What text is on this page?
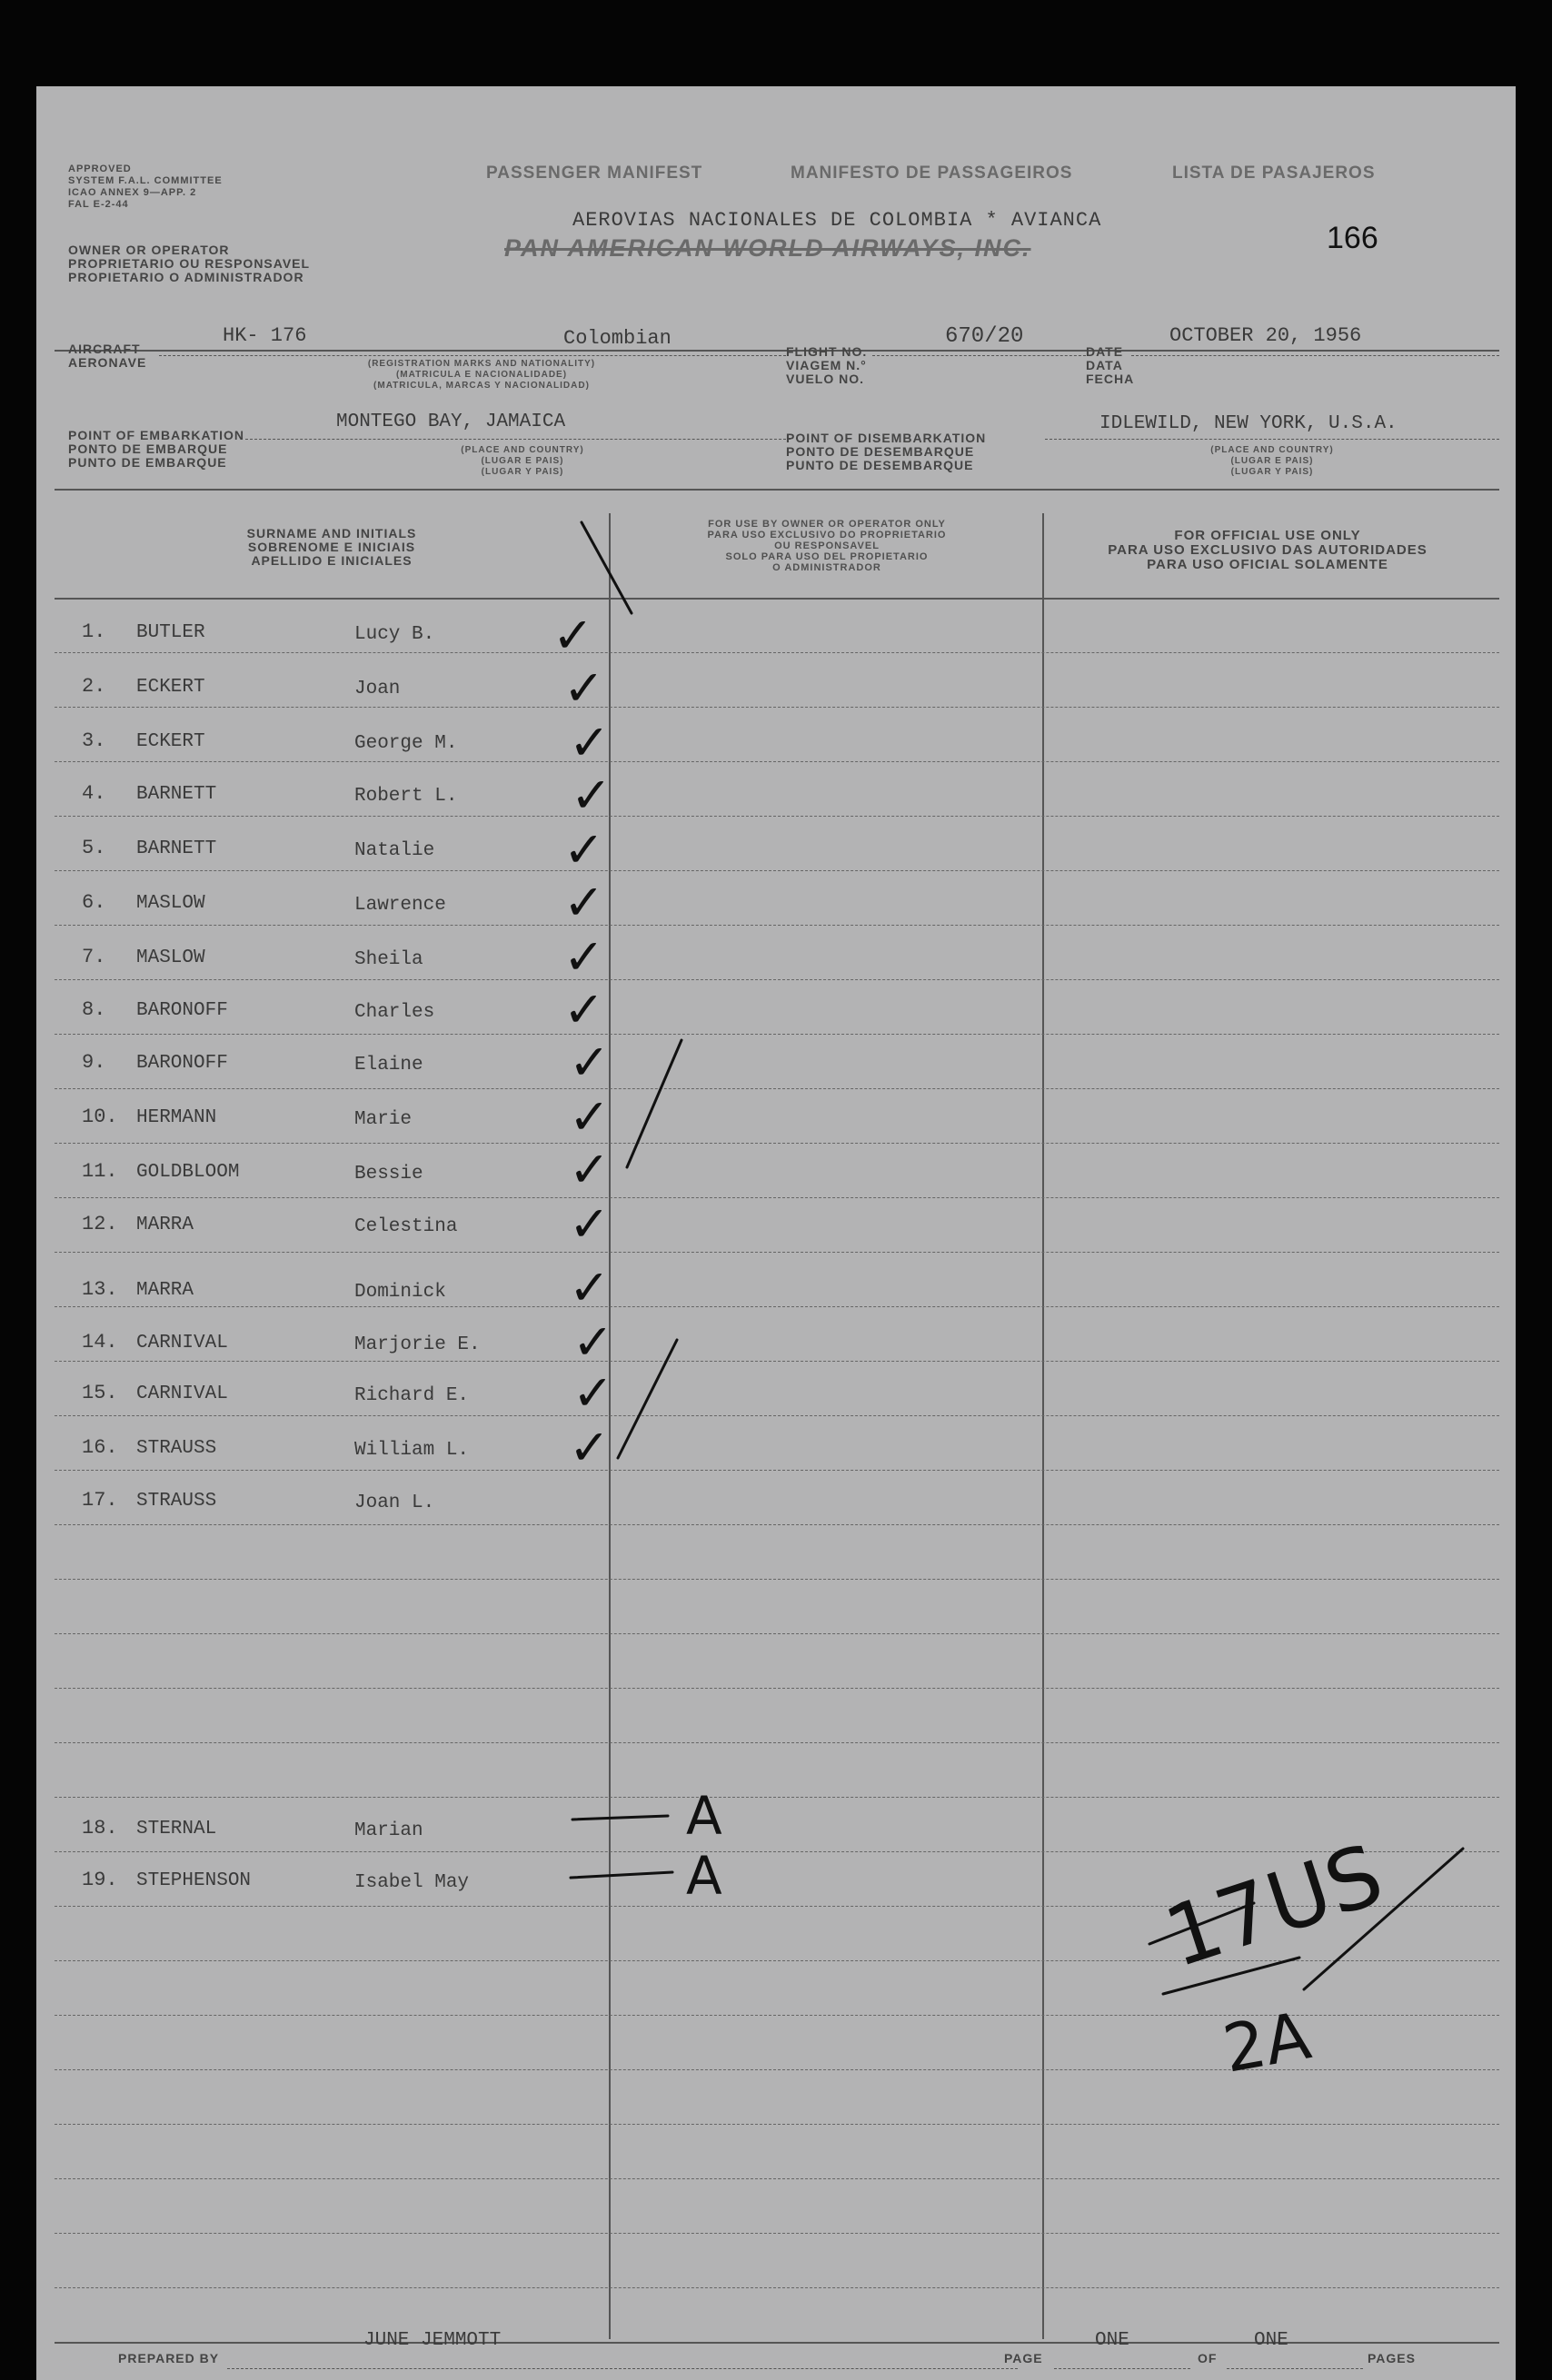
APPROVED
SYSTEM F.A.L. COMMITTEE
ICAO ANNEX 9—APP. 2
FAL E-2-44
PASSENGER MANIFEST	MANIFESTO DE PASSAGEIROS	LISTA DE PASAJEROS
OWNER OR OPERATOR
PROPRIETARIO OU RESPONSAVEL
PROPIETARIO O ADMINISTRADOR
AEROVIAS NACIONALES DE COLOMBIA * AVIANCA
PAN AMERICAN WORLD AIRWAYS, INC.	166
AIRCRAFT
AERONAVE
HK- 176	Colombian
(REGISTRATION MARKS AND NATIONALITY)
(MATRICULA E NACIONALIDADE)
(MATRICULA, MARCAS Y NACIONALIDAD)
FLIGHT NO.
VIAGEM N.°
VUELO NO.
670/20
DATE
DATA
FECHA
OCTOBER 20, 1956
POINT OF EMBARKATION
PONTO DE EMBARQUE
PUNTO DE EMBARQUE
MONTEGO BAY, JAMAICA
(PLACE AND COUNTRY)
(LUGAR E PAIS)
(LUGAR Y PAIS)
POINT OF DISEMBARKATION
PONTO DE DESEMBARQUE
PUNTO DE DESEMBARQUE
IDLEWILD, NEW YORK, U.S.A.
(PLACE AND COUNTRY)
(LUGAR E PAIS)
(LUGAR Y PAIS)
SURNAME AND INITIALS
SOBRENOME E INICIAIS
APELLIDO E INICIALES
FOR USE BY OWNER OR OPERATOR ONLY
PARA USO EXCLUSIVO DO PROPRIETARIO
OU RESPONSAVEL
SOLO PARA USO DEL PROPIETARIO
O ADMINISTRADOR
FOR OFFICIAL USE ONLY
PARA USO EXCLUSIVO DAS AUTORIDADES
PARA USO OFICIAL SOLAMENTE
1. BUTLER	Lucy B. ✓
2. ECKERT	Joan	✓
3. ECKERT	George M. ✓
4. BARNETT	Robert L. ✓
5. BARNETT	Natalie	✓
6. MASLOW	Lawrence ✓
7. MASLOW	Sheila	✓
8. BARONOFF	Charles	✓
9. BARONOFF	Elaine	✓
10. HERMANN	Marie	✓
11. GOLDBLOOM	Bessie	✓
12. MARRA	Celestina ✓
13. MARRA	Dominick	✓
14. CARNIVAL	Marjorie E. ✓
15. CARNIVAL	Richard E. ✓
16. STRAUSS	William L. ✓
17. STRAUSS	Joan L.
18. STERNAL	Marian	A
19. STEPHENSON	Isabel May	A	17US
2A
PREPARED BY
JUNE JEMMOTT
PAGE
ONE
OF
ONE
PAGES
